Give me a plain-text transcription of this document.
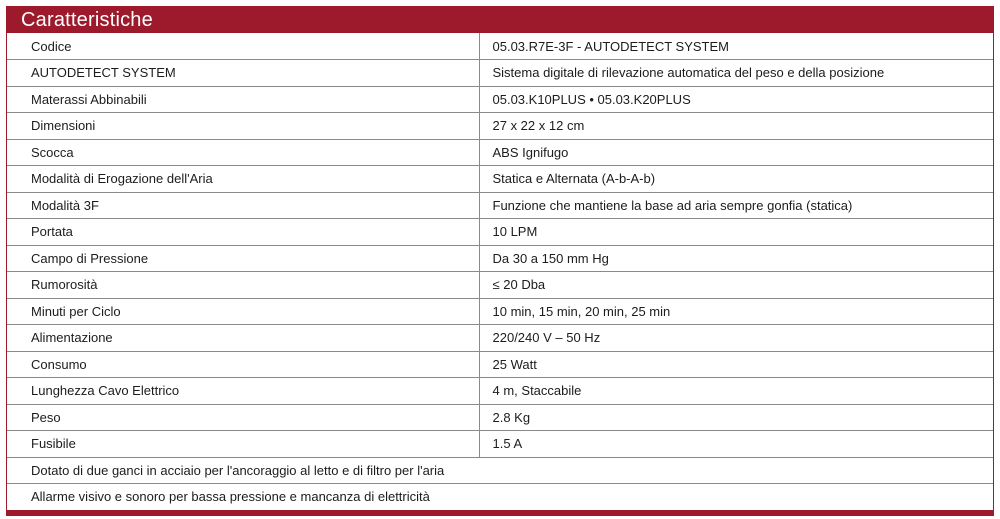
Caratteristiche
Codice	05.03.R7E-3F - AUTODETECT SYSTEM
AUTODETECT SYSTEM	Sistema digitale di rilevazione automatica del peso e della posizione
Materassi Abbinabili	05.03.K10PLUS • 05.03.K20PLUS
Dimensioni	27 x 22 x 12 cm
Scocca	ABS Ignifugo
Modalità di Erogazione dell'Aria	Statica e Alternata (A-b-A-b)
Modalità 3F	Funzione che mantiene la base ad aria sempre gonfia (statica)
Portata	10 LPM
Campo di Pressione	Da 30 a 150 mm Hg
Rumorosità	≤ 20 Dba
Minuti per Ciclo	10 min, 15 min, 20 min, 25 min
Alimentazione	220/240 V – 50 Hz
Consumo	25 Watt
Lunghezza Cavo Elettrico	4 m, Staccabile
Peso	2.8 Kg
Fusibile	1.5 A
Dotato di due ganci in acciaio per l'ancoraggio al letto e di filtro per l'aria	
Allarme visivo e sonoro per bassa pressione e mancanza di elettricità	
